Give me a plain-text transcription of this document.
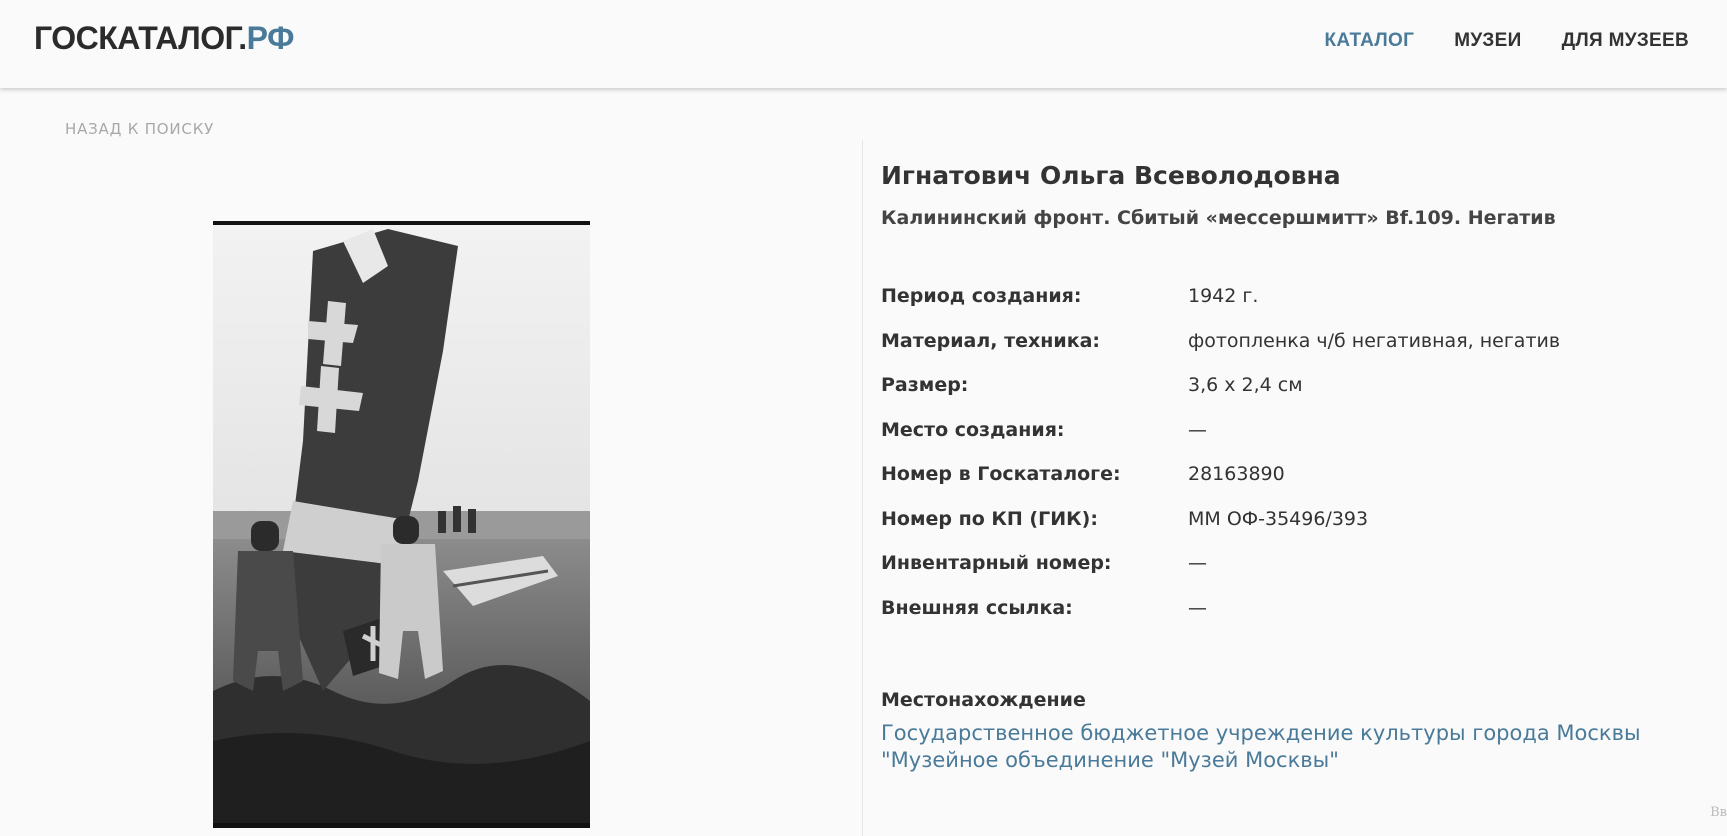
ГОСКАТАЛОГ.РФ	КАТАЛОГ МУЗЕИ ДЛЯ МУЗЕЕВ
НАЗАД К ПОИСКУ
Игнатович Ольга Всеволодовна
Калининский фронт. Сбитый «мессершмитт» Bf.109. Негатив
Период создания:	1942 г.
Материал, техника:	фотопленка ч/б негативная, негатив
Размер:	3,6 х 2,4 см
Место создания:	—
Номер в Госкаталоге:	28163890
Номер по КП (ГИК):	ММ ОФ-35496/393
Инвентарный номер:	—
Внешняя ссылка:	—
Местонахождение
Государственное бюджетное учреждение культуры города Москвы "Музейное объединение "Музей Москвы"
Вв
